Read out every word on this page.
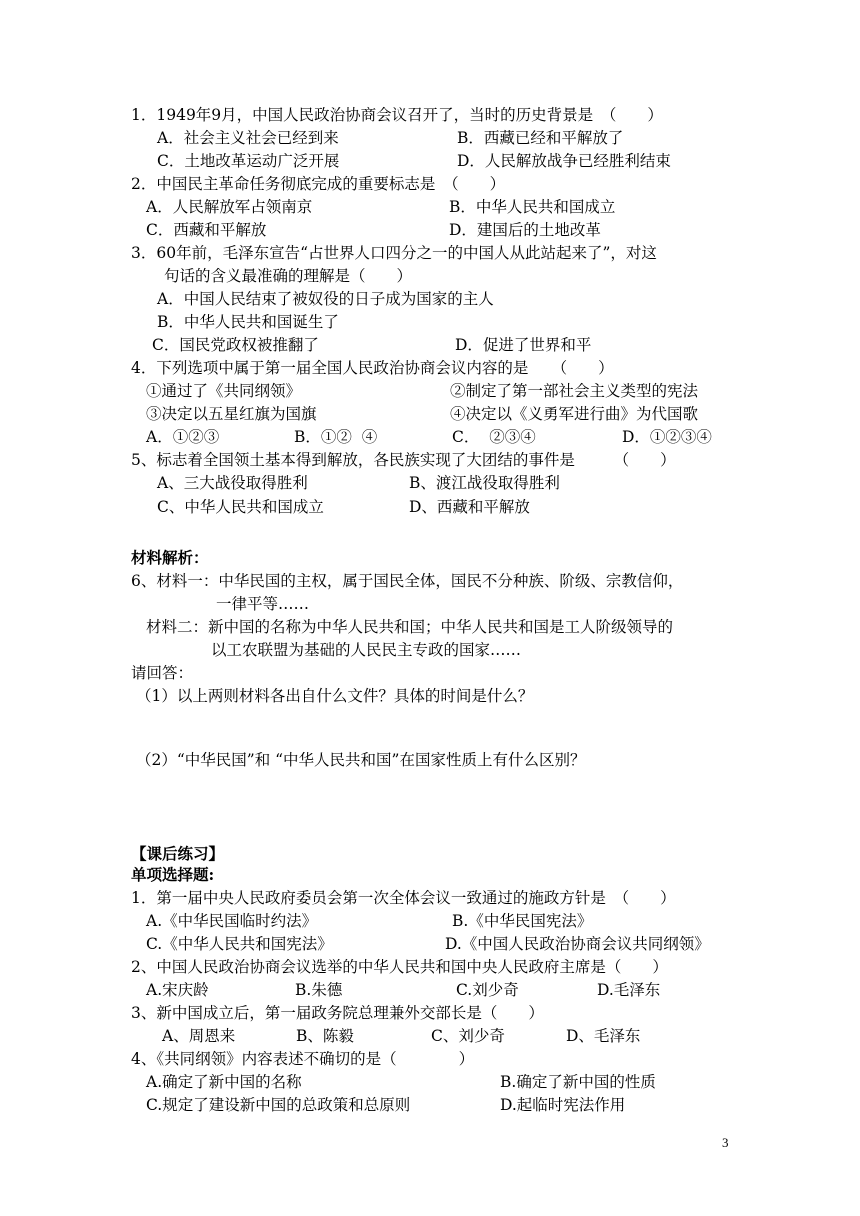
1．1949年9月，中国人民政治协商会议召开了，当时的历史背景是　（　　）
A．社会主义社会已经到来	B．西藏已经和平解放了
C．土地改革运动广泛开展	D．人民解放战争已经胜利结束
2．中国民主革命任务彻底完成的重要标志是　（　　）
A．人民解放军占领南京	B．中华人民共和国成立
C．西藏和平解放	D．建国后的土地改革
3．60年前，毛泽东宣告“占世界人口四分之一的中国人从此站起来了”，对这
句话的含义最准确的理解是（　　）
A．中国人民结束了被奴役的日子成为国家的主人
B．中华人民共和国诞生了
C．国民党政权被推翻了	D．促进了世界和平
4．下列选项中属于第一届全国人民政治协商会议内容的是　　（　　）
①通过了《共同纲领》	②制定了第一部社会主义类型的宪法
③决定以五星红旗为国旗	④决定以《义勇军进行曲》为代国歌
A．①②③	B．①②  ④	C．  ②③④	D．①②③④
5、标志着全国领土基本得到解放，各民族实现了大团结的事件是　　　（　　）
A、三大战役取得胜利	B、渡江战役取得胜利
C、中华人民共和国成立	D、西藏和平解放
材料解析：
6、材料一：中华民国的主权，属于国民全体，国民不分种族、阶级、宗教信仰，
一律平等……
材料二：新中国的名称为中华人民共和国；中华人民共和国是工人阶级领导的
以工农联盟为基础的人民民主专政的国家……
请回答：
（1）以上两则材料各出自什么文件？具体的时间是什么？
（2）“中华民国”和 “中华人民共和国”在国家性质上有什么区别？
【课后练习】
单项选择题:
1．第一届中央人民政府委员会第一次全体会议一致通过的施政方针是　（　　）
A.《中华民国临时约法》	B.《中华民国宪法》
C.《中华人民共和国宪法》	D.《中国人民政治协商会议共同纲领》
2、中国人民政治协商会议选举的中华人民共和国中央人民政府主席是（　　）
A.宋庆龄	B.朱德	C.刘少奇	D.毛泽东
3、新中国成立后，第一届政务院总理兼外交部长是（　　）
A、周恩来	B、陈毅	C、刘少奇	D、毛泽东
4、《共同纲领》内容表述不确切的是（　　　　）
A.确定了新中国的名称	B.确定了新中国的性质
C.规定了建设新中国的总政策和总原则	D.起临时宪法作用
3
